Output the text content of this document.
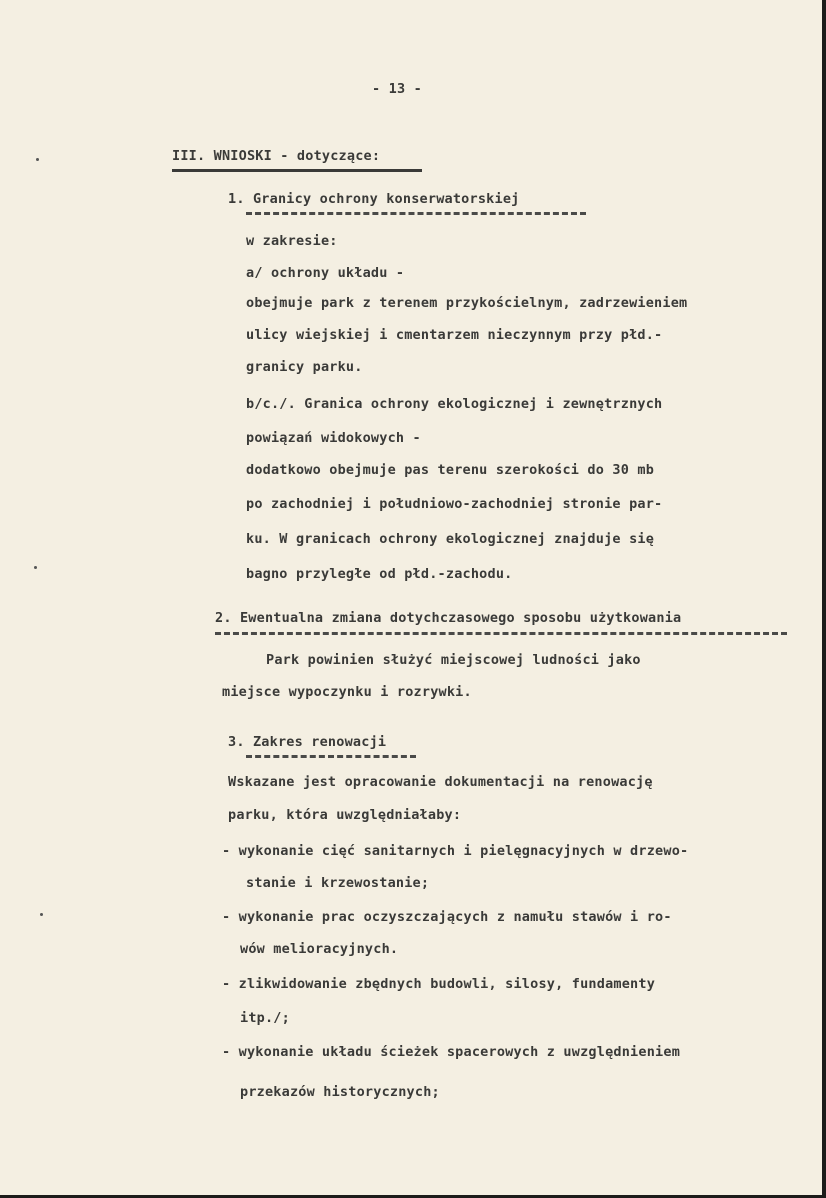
- 13 -
III. WNIOSKI - dotyczące:
1. Granicy ochrony konserwatorskiej
w zakresie:
a/ ochrony układu -
obejmuje park z terenem przykościelnym, zadrzewieniem
ulicy wiejskiej i cmentarzem nieczynnym przy płd.-
granicy parku.
b/c./. Granica ochrony ekologicznej i zewnętrznych
powiązań widokowych -
dodatkowo obejmuje pas terenu szerokości do 30 mb
po zachodniej i południowo-zachodniej stronie par-
ku. W granicach ochrony ekologicznej znajduje się
bagno przyległe od płd.-zachodu.
2. Ewentualna zmiana dotychczasowego sposobu użytkowania
Park powinien służyć miejscowej ludności jako
miejsce wypoczynku i rozrywki.
3. Zakres renowacji
Wskazane jest opracowanie dokumentacji na renowację
parku, która uwzględniałaby:
- wykonanie cięć sanitarnych i pielęgnacyjnych w drzewo-
stanie i krzewostanie;
- wykonanie prac oczyszczających z namułu stawów i ro-
wów melioracyjnych.
- zlikwidowanie zbędnych budowli, silosy, fundamenty
itp./;
- wykonanie układu ścieżek spacerowych z uwzględnieniem
przekazów historycznych;
